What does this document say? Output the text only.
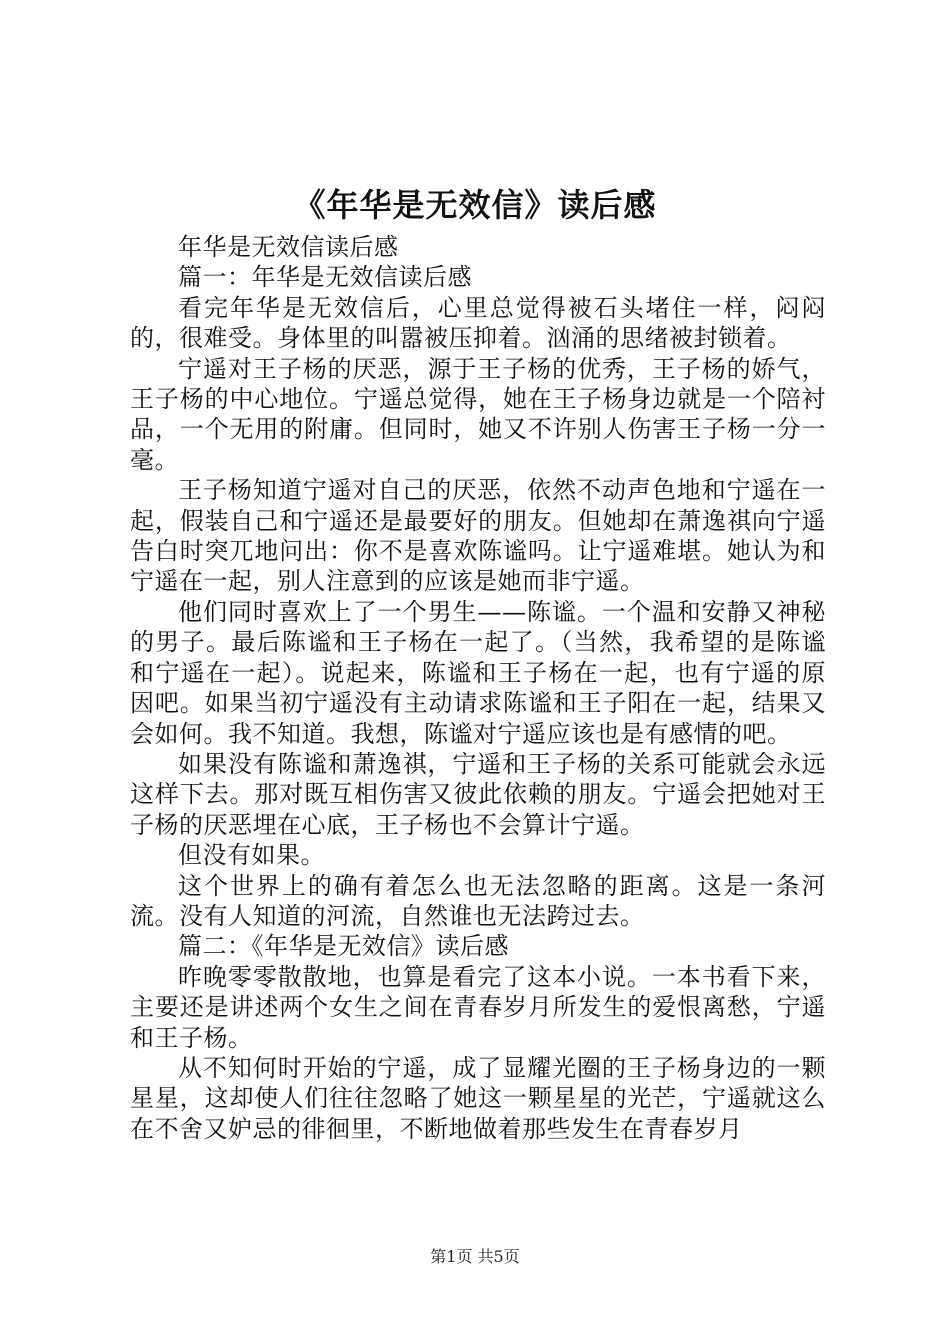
《年华是无效信》读后感

年华是无效信读后感

篇一：年华是无效信读后感

看完年华是无效信后，心里总觉得被石头堵住一样，闷闷的，很难受。身体里的叫嚣被压抑着。汹涌的思绪被封锁着。

宁遥对王子杨的厌恶，源于王子杨的优秀，王子杨的娇气，王子杨的中心地位。宁遥总觉得，她在王子杨身边就是一个陪衬品，一个无用的附庸。但同时，她又不许别人伤害王子杨一分一毫。

王子杨知道宁遥对自己的厌恶，依然不动声色地和宁遥在一起，假装自己和宁遥还是最要好的朋友。但她却在萧逸祺向宁遥告白时突兀地问出：你不是喜欢陈谧吗。让宁遥难堪。她认为和宁遥在一起，别人注意到的应该是她而非宁遥。

他们同时喜欢上了一个男生——陈谧。一个温和安静又神秘的男子。最后陈谧和王子杨在一起了。（当然，我希望的是陈谧和宁遥在一起）。说起来，陈谧和王子杨在一起，也有宁遥的原因吧。如果当初宁遥没有主动请求陈谧和王子阳在一起，结果又会如何。我不知道。我想，陈谧对宁遥应该也是有感情的吧。

如果没有陈谧和萧逸祺，宁遥和王子杨的关系可能就会永远这样下去。那对既互相伤害又彼此依赖的朋友。宁遥会把她对王子杨的厌恶埋在心底，王子杨也不会算计宁遥。

但没有如果。

这个世界上的确有着怎么也无法忽略的距离。这是一条河流。没有人知道的河流，自然谁也无法跨过去。

篇二：《年华是无效信》读后感

昨晚零零散散地，也算是看完了这本小说。一本书看下来，主要还是讲述两个女生之间在青春岁月所发生的爱恨离愁，宁遥和王子杨。

从不知何时开始的宁遥，成了显耀光圈的王子杨身边的一颗星星，这却使人们往往忽略了她这一颗星星的光芒，宁遥就这么在不舍又妒忌的徘徊里，不断地做着那些发生在青春岁月

第1页 共5页
